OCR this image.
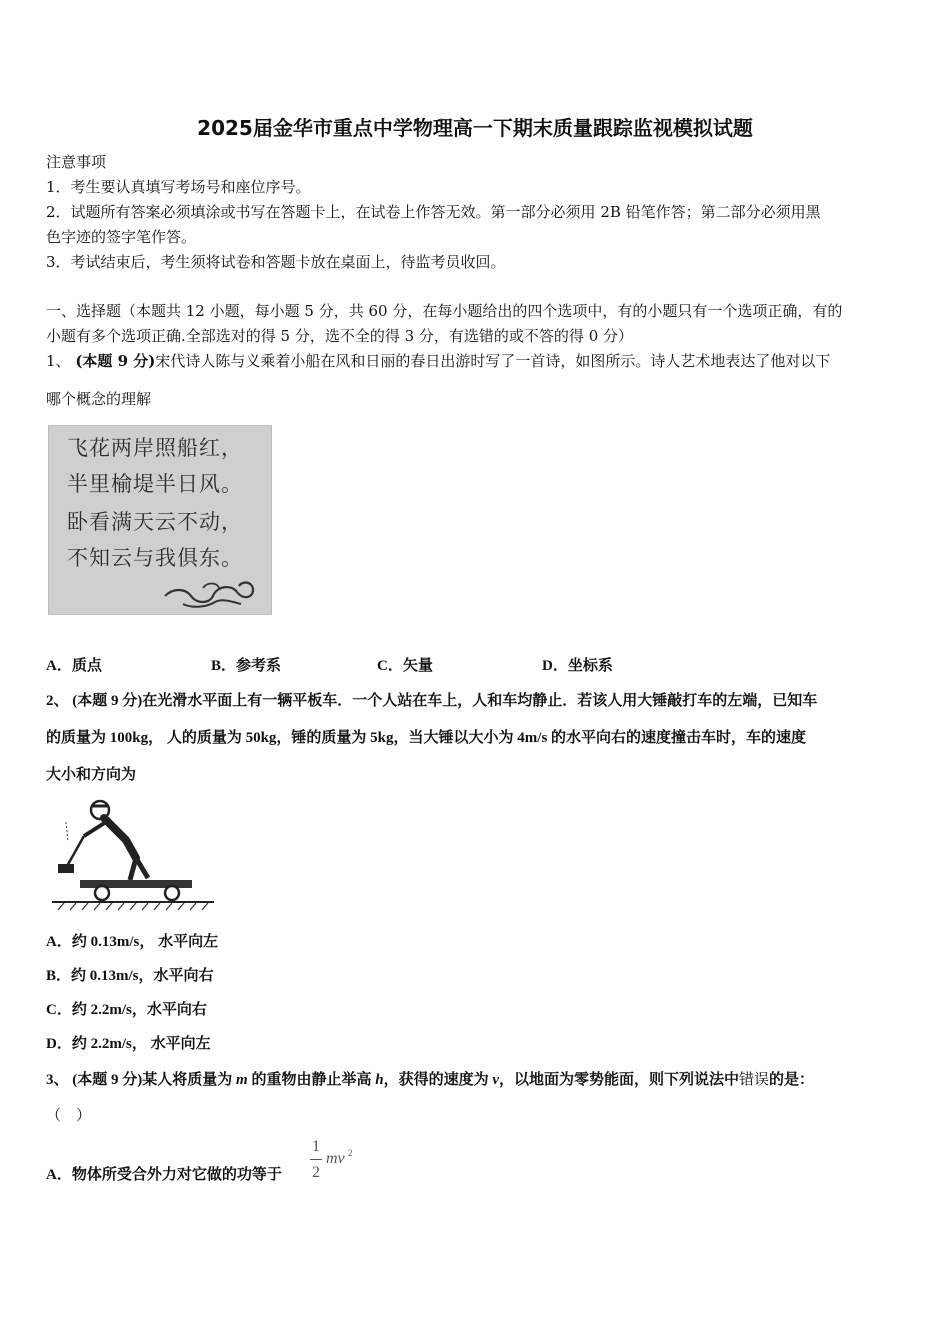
2025届金华市重点中学物理高一下期末质量跟踪监视模拟试题
注意事项
1．考生要认真填写考场号和座位序号。
2．试题所有答案必须填涂或书写在答题卡上，在试卷上作答无效。第一部分必须用 2B 铅笔作答；第二部分必须用黑
色字迹的签字笔作答。
3．考试结束后，考生须将试卷和答题卡放在桌面上，待监考员收回。
一、选择题（本题共 12 小题，每小题 5 分，共 60 分，在每小题给出的四个选项中，有的小题只有一个选项正确，有的
小题有多个选项正确.全部选对的得 5 分，选不全的得 3 分，有选错的或不答的得 0 分）
1、 (本题 9 分)宋代诗人陈与义乘着小船在风和日丽的春日出游时写了一首诗，如图所示。诗人艺术地表达了他对以下
哪个概念的理解
飞花两岸照船红，
半里榆堤半日风。
卧看满天云不动，
不知云与我俱东。
A．质点	B．参考系	C．矢量	D．坐标系
2、 (本题 9 分)在光滑水平面上有一辆平板车．一个人站在车上，人和车均静止．若该人用大锤敲打车的左端，已知车
的质量为 100kg， 人的质量为 50kg，锤的质量为 5kg，当大锤以大小为 4m/s 的水平向右的速度撞击车时，车的速度
大小和方向为
A．约 0.13m/s， 水平向左
B．约 0.13m/s，水平向右
C．约 2.2m/s，水平向右
D．约 2.2m/s， 水平向左
3、 (本题 9 分)某人将质量为 m 的重物由静止举高 h，获得的速度为 v，以地面为零势能面，则下列说法中错误的是：
（　）
A．物体所受合外力对它做的功等于
1
2
mv 2
